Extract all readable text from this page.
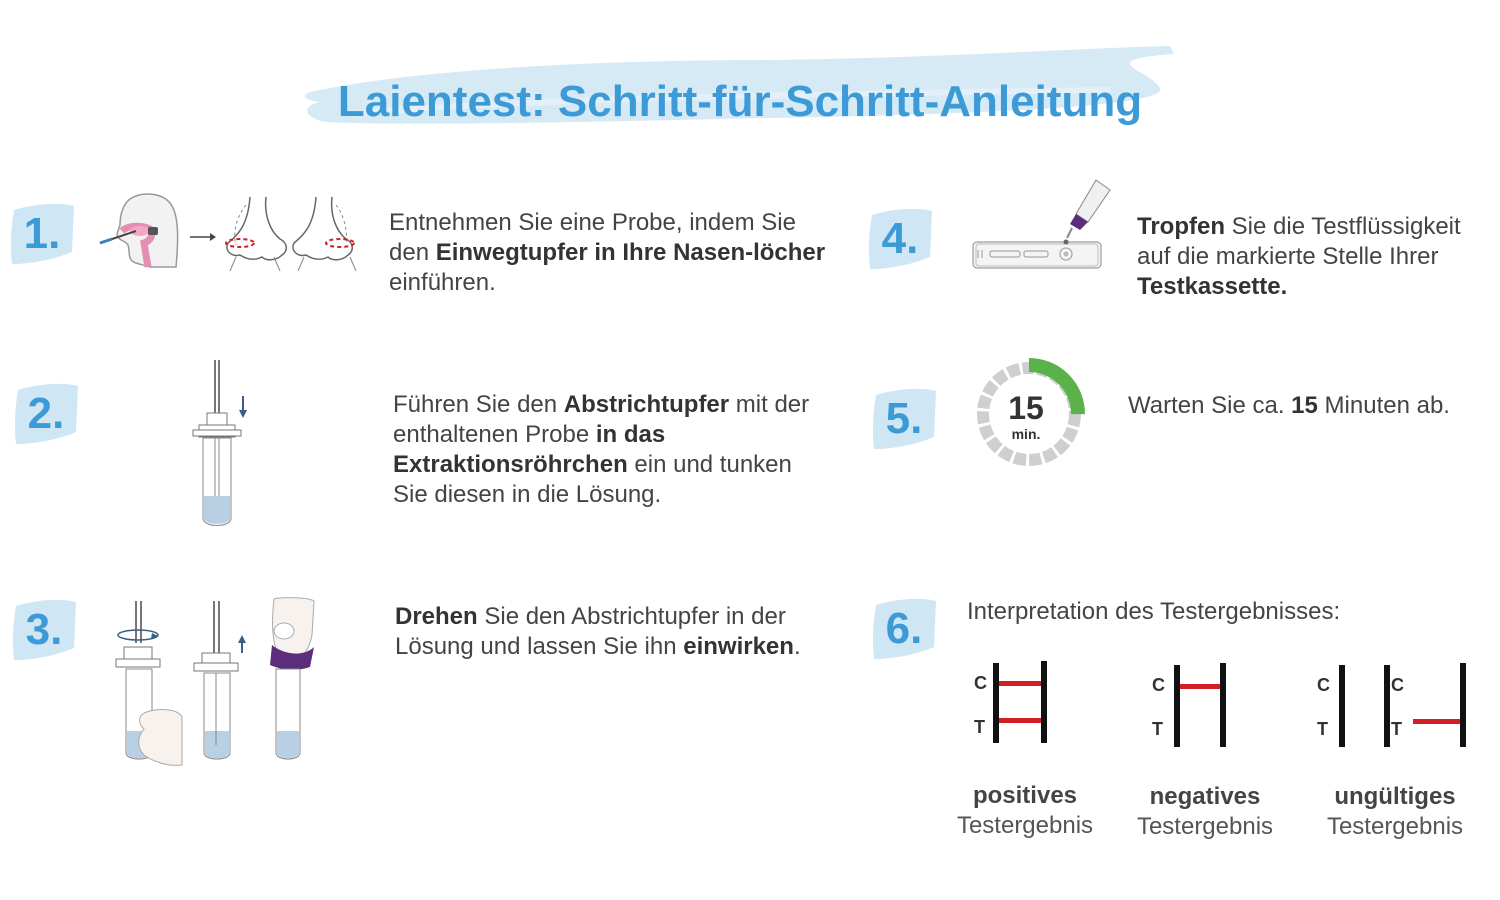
Laientest: Schritt-für-Schritt-Anleitung
1.	Entnehmen Sie eine Probe, indem Sie den Einwegtupfer in Ihre Nasen-löcher einführen.
2.	Führen Sie den Abstrichtupfer mit der enthaltenen Probe in das Extraktionsröhrchen ein und tunken Sie diesen in die Lösung.
3.	Drehen Sie den Abstrichtupfer in der Lösung und lassen Sie ihn einwirken.
4.	Tropfen Sie die Testflüssigkeit auf die markierte Stelle Ihrer Testkassette.
5.	15
min.
Warten Sie ca. 15 Minuten ab.
6.	Interpretation des Testergebnisses:
C
T
C
T
C
T
C
T
positives
Testergebnis
negatives
Testergebnis
ungültiges
Testergebnis
